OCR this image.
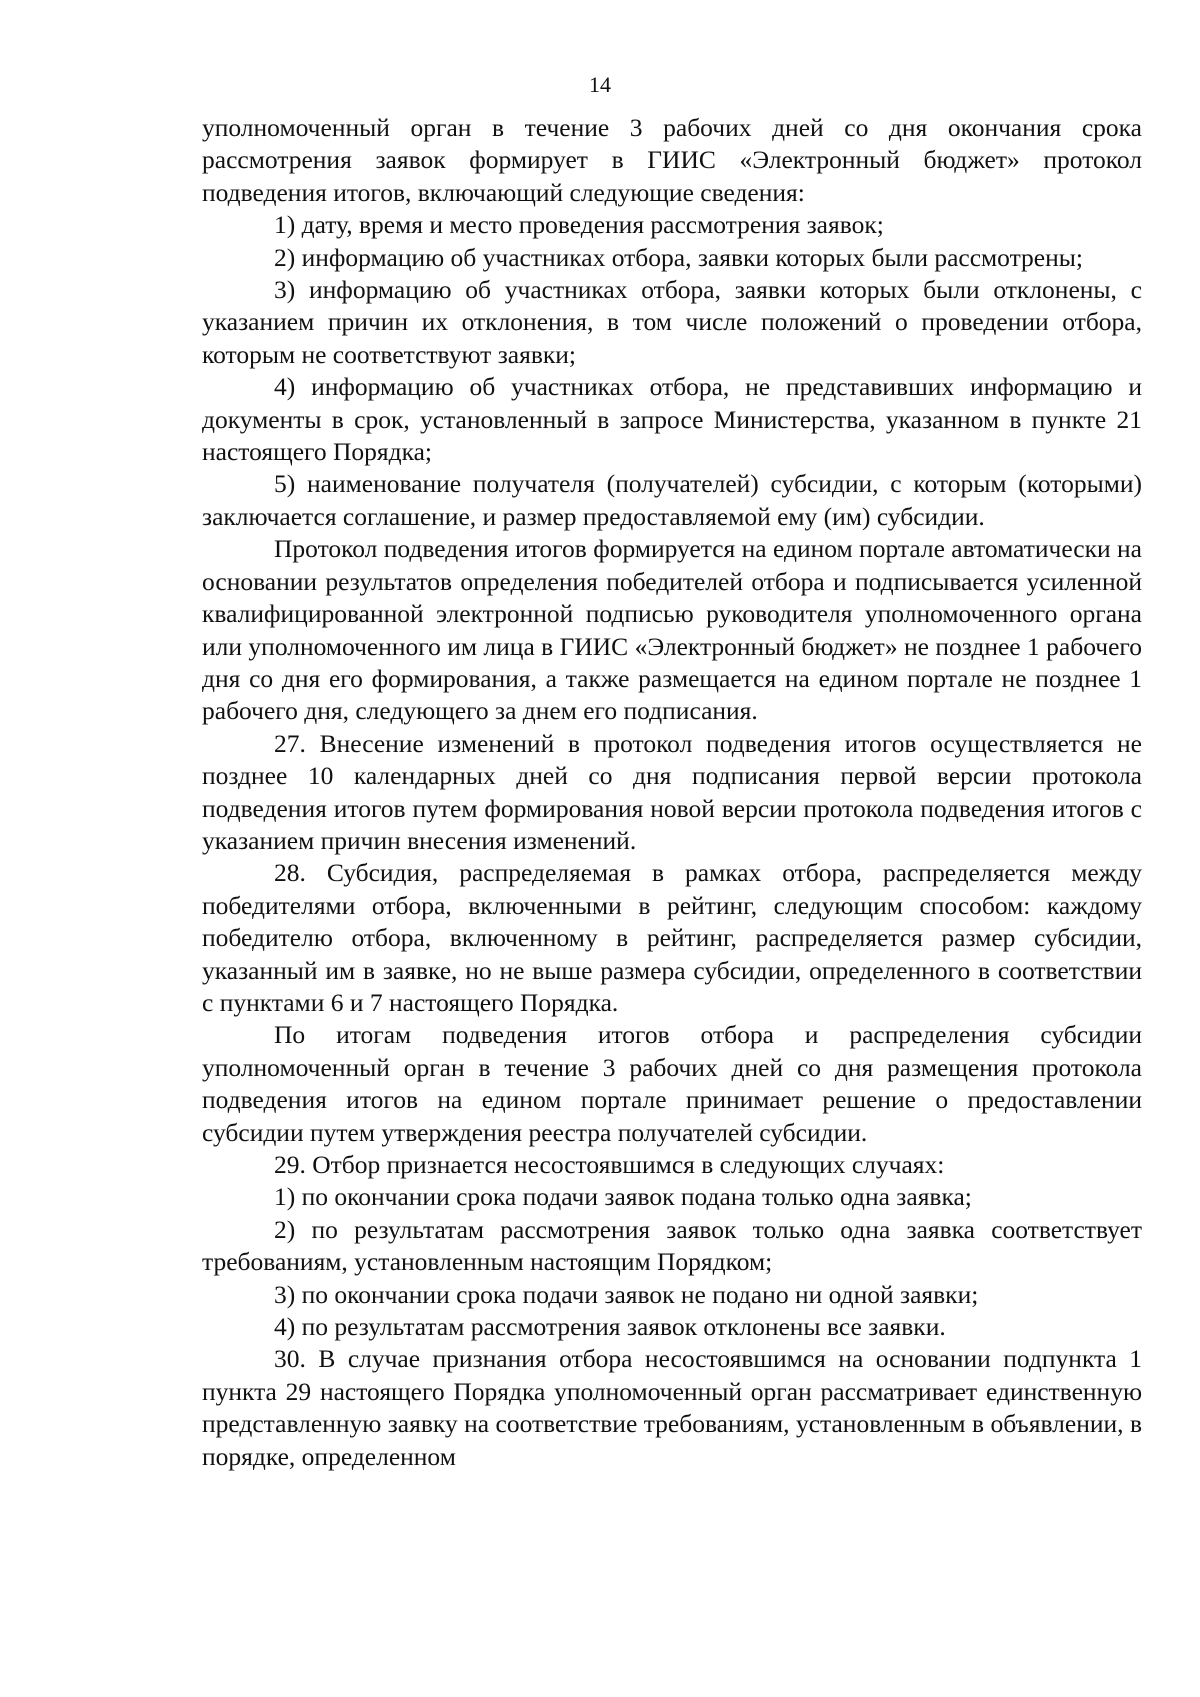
14

уполномоченный орган в течение 3 рабочих дней со дня окончания срока рассмотрения заявок формирует в ГИИС «Электронный бюджет» протокол подведения итогов, включающий следующие сведения:

1) дату, время и место проведения рассмотрения заявок;

2) информацию об участниках отбора, заявки которых были рассмотрены;

3) информацию об участниках отбора, заявки которых были отклонены, с указанием причин их отклонения, в том числе положений о проведении отбора, которым не соответствуют заявки;

4) информацию об участниках отбора, не представивших информацию и документы в срок, установленный в запросе Министерства, указанном в пункте 21 настоящего Порядка;

5) наименование получателя (получателей) субсидии, с которым (которыми) заключается соглашение, и размер предоставляемой ему (им) субсидии.

Протокол подведения итогов формируется на едином портале автоматически на основании результатов определения победителей отбора и подписывается усиленной квалифицированной электронной подписью руководителя уполномоченного органа или уполномоченного им лица в ГИИС «Электронный бюджет» не позднее 1 рабочего дня со дня его формирования, а также размещается на едином портале не позднее 1 рабочего дня, следующего за днем его подписания.

27. Внесение изменений в протокол подведения итогов осуществляется не позднее 10 календарных дней со дня подписания первой версии протокола подведения итогов путем формирования новой версии протокола подведения итогов с указанием причин внесения изменений.

28. Субсидия, распределяемая в рамках отбора, распределяется между победителями отбора, включенными в рейтинг, следующим способом: каждому победителю отбора, включенному в рейтинг, распределяется размер субсидии, указанный им в заявке, но не выше размера субсидии, определенного в соответствии с пунктами 6 и 7 настоящего Порядка.

По итогам подведения итогов отбора и распределения субсидии уполномоченный орган в течение 3 рабочих дней со дня размещения протокола подведения итогов на едином портале принимает решение о предоставлении субсидии путем утверждения реестра получателей субсидии.

29. Отбор признается несостоявшимся в следующих случаях:

1) по окончании срока подачи заявок подана только одна заявка;

2) по результатам рассмотрения заявок только одна заявка соответствует требованиям, установленным настоящим Порядком;

3) по окончании срока подачи заявок не подано ни одной заявки;

4) по результатам рассмотрения заявок отклонены все заявки.

30. В случае признания отбора несостоявшимся на основании подпункта 1 пункта 29 настоящего Порядка уполномоченный орган рассматривает единственную представленную заявку на соответствие требованиям, установленным в объявлении, в порядке, определенном
